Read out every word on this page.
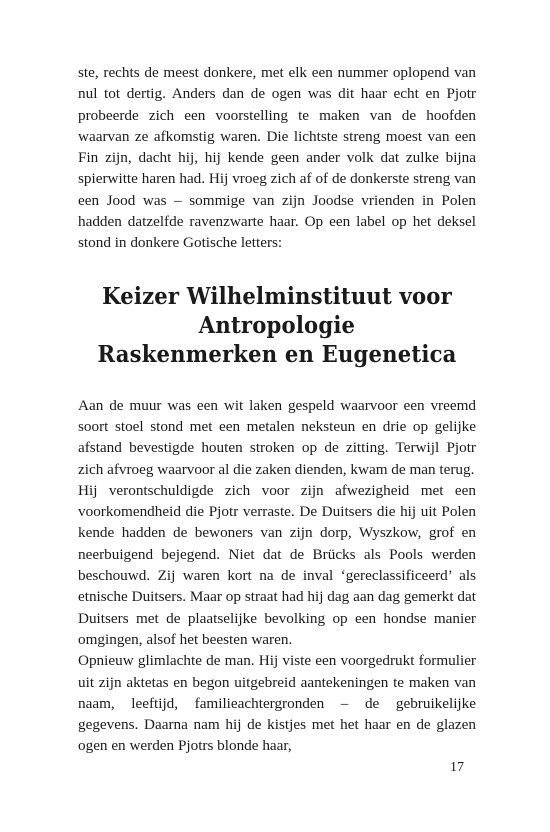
ste, rechts de meest donkere, met elk een nummer oplopend van nul tot dertig. Anders dan de ogen was dit haar echt en Pjotr probeerde zich een voorstelling te maken van de hoofden waarvan ze afkomstig waren. Die lichtste streng moest van een Fin zijn, dacht hij, hij kende geen ander volk dat zulke bijna spierwitte haren had. Hij vroeg zich af of de donkerste streng van een Jood was – sommige van zijn Joodse vrienden in Polen hadden datzelfde ravenzwarte haar. Op een label op het deksel stond in donkere Gotische letters:

Keizer Wilhelminstituut voor
Antropologie
Raskenmerken en Eugenetica

Aan de muur was een wit laken gespeld waarvoor een vreemd soort stoel stond met een metalen neksteun en drie op gelijke afstand bevestigde houten stroken op de zitting. Terwijl Pjotr zich afvroeg waarvoor al die zaken dienden, kwam de man terug.

Hij verontschuldigde zich voor zijn afwezigheid met een voorkomendheid die Pjotr verraste. De Duitsers die hij uit Polen kende hadden de bewoners van zijn dorp, Wyszkow, grof en neerbuigend bejegend. Niet dat de Brücks als Pools werden beschouwd. Zij waren kort na de inval ‘gereclassificeerd’ als etnische Duitsers. Maar op straat had hij dag aan dag gemerkt dat Duitsers met de plaatselijke bevolking op een hondse manier omgingen, alsof het beesten waren.

Opnieuw glimlachte de man. Hij viste een voorgedrukt formulier uit zijn aktetas en begon uitgebreid aantekeningen te maken van naam, leeftijd, familieachtergronden – de gebruikelijke gegevens. Daarna nam hij de kistjes met het haar en de glazen ogen en werden Pjotrs blonde haar,

17
